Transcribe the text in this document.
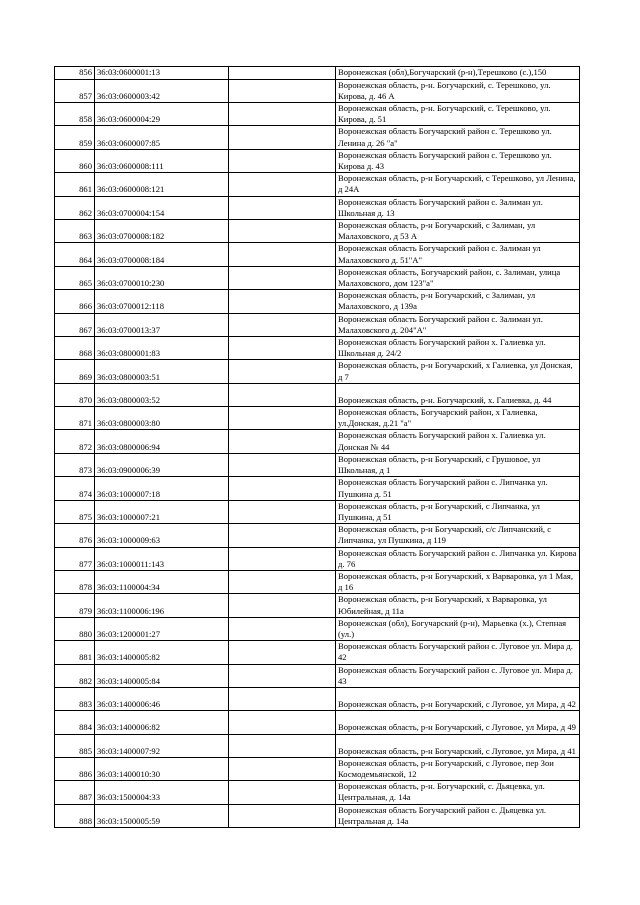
856	36:03:0600001:13		Воронежская (обл),Богучарский (р-н),Терешково (с.),150
857	36:03:0600003:42		Воронежская область, р-н. Богучарский, с. Терешково, ул. Кирова, д. 46 А
858	36:03:0600004:29		Воронежская область, р-н. Богучарский, с. Терешково, ул. Кирова, д. 51
859	36:03:0600007:85		Воронежская область Богучарский район с. Терешково ул. Ленина д. 26 "а"
860	36:03:0600008:111		Воронежская область Богучарский район с. Терешково ул. Кирова д. 43
861	36:03:0600008:121		Воронежская область, р-н Богучарский, с Терешково, ул Ленина, д 24А
862	36:03:0700004:154		Воронежская область Богучарский район с. Залиман ул. Школьная д. 13
863	36:03:0700008:182		Воронежская область, р-н Богучарский, с Залиман, ул Малаховского, д 53 А
864	36:03:0700008:184		Воронежская область Богучарский район с. Залиман ул Малаховского д. 51"А"
865	36:03:0700010:230		Воронежская область, Богучарский район, с. Залиман, улица Малаховского, дом 123"а"
866	36:03:0700012:118		Воронежская область, р-н Богучарский, с Залиман, ул Малаховского, д 139а
867	36:03:0700013:37		Воронежская область Богучарский район с. Залиман ул. Малаховского д. 204"А"
868	36:03:0800001:83		Воронежская область Богучарский район х. Галиевка ул. Школьная д. 24/2
869	36:03:0800003:51		Воронежская область, р-н Богучарский, х Галиевка, ул Донская, д 7
870	36:03:0800003:52		Воронежская область, р-н. Богучарский, х. Галиевка, д. 44
871	36:03:0800003:80		Воронежская область, Богучарский район, х Галиевка, ул.Донская, д.21 "а"
872	36:03:0800006:94		Воронежская область Богучарский район х. Галиевка ул. Донская № 44
873	36:03:0900006:39		Воронежская область, р-н Богучарский, с Грушовое, ул Школьная, д 1
874	36:03:1000007:18		Воронежская область Богучарский район с. Липчанка ул. Пушкина д. 51
875	36:03:1000007:21		Воронежская область, р-н Богучарский, с Липчанка, ул Пушкина, д 51
876	36:03:1000009:63		Воронежская область, р-н Богучарский, с/с Липчанский, с Липчанка, ул Пушкина, д 119
877	36:03:1000011:143		Воронежская область Богучарский район с. Липчанка ул. Кирова д. 76
878	36:03:1100004:34		Воронежская область, р-н Богучарский, х Варваровка, ул 1 Мая, д 16
879	36:03:1100006:196		Воронежская область, р-н Богучарский, х Варваровка, ул Юбилейная, д 11а
880	36:03:1200001:27		Воронежская (обл), Богучарский (р-н), Марьевка (х.), Степная (ул.)
881	36:03:1400005:82		Воронежская область Богучарский район с. Луговое ул. Мира д. 42
882	36:03:1400005:84		Воронежская область Богучарский район с. Луговое ул. Мира д. 43
883	36:03:1400006:46		Воронежская область, р-н Богучарский, с Луговое, ул Мира, д 42
884	36:03:1400006:82		Воронежская область, р-н Богучарский, с Луговое, ул Мира, д 49
885	36:03:1400007:92		Воронежская область, р-н Богучарский, с Луговое, ул Мира, д 41
886	36:03:1400010:30		Воронежская область, р-н Богучарский, с Луговое, пер Зои Космодемьянской, 12
887	36:03:1500004:33		Воронежская область, р-н. Богучарский, с. Дьяцевка, ул. Центральная, д. 14а
888	36:03:1500005:59		Воронежская область Богучарский район с. Дьяцевка ул. Центральная д. 14а
